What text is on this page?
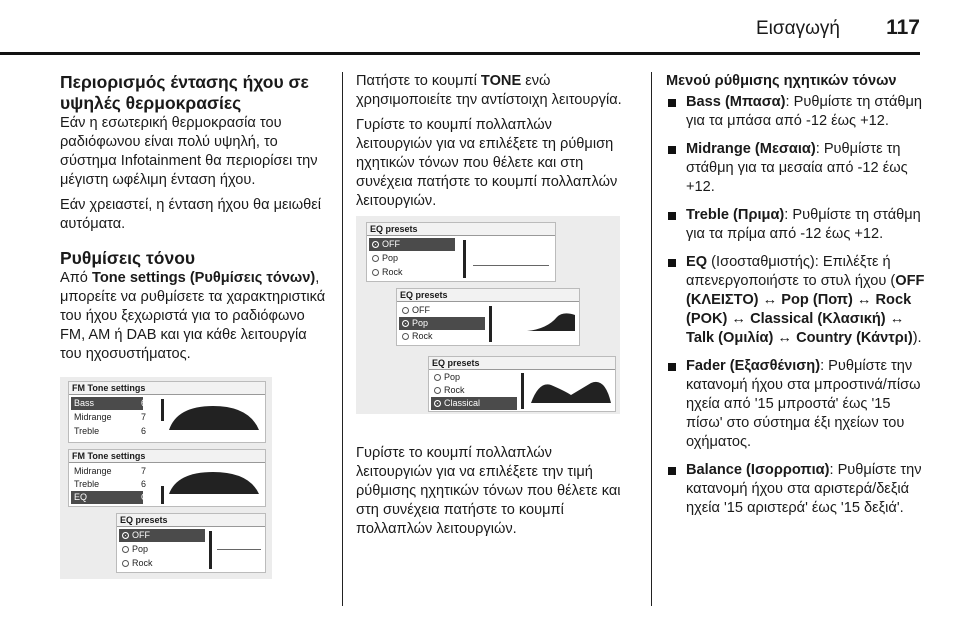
Εισαγωγή 117
Περιορισμός έντασης ήχου σε υψηλές θερμοκρασίες

Εάν η εσωτερική θερμοκρασία του ραδιόφωνου είναι πολύ υψηλή, το σύστημα Infotainment θα περιορίσει την μέγιστη ωφέλιμη ένταση ήχου.

Εάν χρειαστεί, η ένταση ήχου θα μειωθεί αυτόματα.

Ρυθμίσεις τόνου

Από Tone settings (Ρυθμίσεις τόνων), μπορείτε να ρυθμίσετε τα χαρακτηριστικά του ήχου ξεχωριστά για το ραδιόφωνο FM, AM ή DAB και για κάθε λειτουργία του ηχοσυστήματος.

FM Tone settings
Bass	6
Midrange	7
Treble	6
FM Tone settings
Midrange	7
Treble	6
EQ	OFF
EQ presets
OFF
Pop
Rock

Πατήστε το κουμπί TONE ενώ χρησιμοποιείτε την αντίστοιχη λειτουργία.

Γυρίστε το κουμπί πολλαπλών λειτουργιών για να επιλέξετε τη ρύθμιση ηχητικών τόνων που θέλετε και στη συνέχεια πατήστε το κουμπί πολλαπλών λειτουργιών.

EQ presets
OFF
Pop
Rock
EQ presets
OFF
Pop
Rock
EQ presets
Pop
Rock
Classical

Γυρίστε το κουμπί πολλαπλών λειτουργιών για να επιλέξετε την τιμή ρύθμισης ηχητικών τόνων που θέλετε και στη συνέχεια πατήστε το κουμπί πολλαπλών λειτουργιών.

Μενού ρύθμισης ηχητικών τόνων
Bass (Μπασα): Ρυθμίστε τη στάθμη για τα μπάσα από -12 έως +12.
Midrange (Μεσαια): Ρυθμίστε τη στάθμη για τα μεσαία από -12 έως +12.
Treble (Πριμα): Ρυθμίστε τη στάθμη για τα πρίμα από -12 έως +12.
EQ (Ισοσταθμιστής): Επιλέξτε ή απενεργοποιήστε το στυλ ήχου (OFF (ΚΛΕΙΣΤΟ) ↔ Pop (Ποπ) ↔ Rock (ΡΟΚ) ↔ Classical (Κλασική) ↔ Talk (Ομιλία) ↔ Country (Κάντρι)).
Fader (Εξασθένιση): Ρυθμίστε την κατανομή ήχου στα μπροστινά/πίσω ηχεία από '15 μπροστά' έως '15 πίσω' στο σύστημα έξι ηχείων του οχήματος.
Balance (Ισορροπια): Ρυθμίστε την κατανομή ήχου στα αριστερά/δεξιά ηχεία '15 αριστερά' έως '15 δεξιά'.
